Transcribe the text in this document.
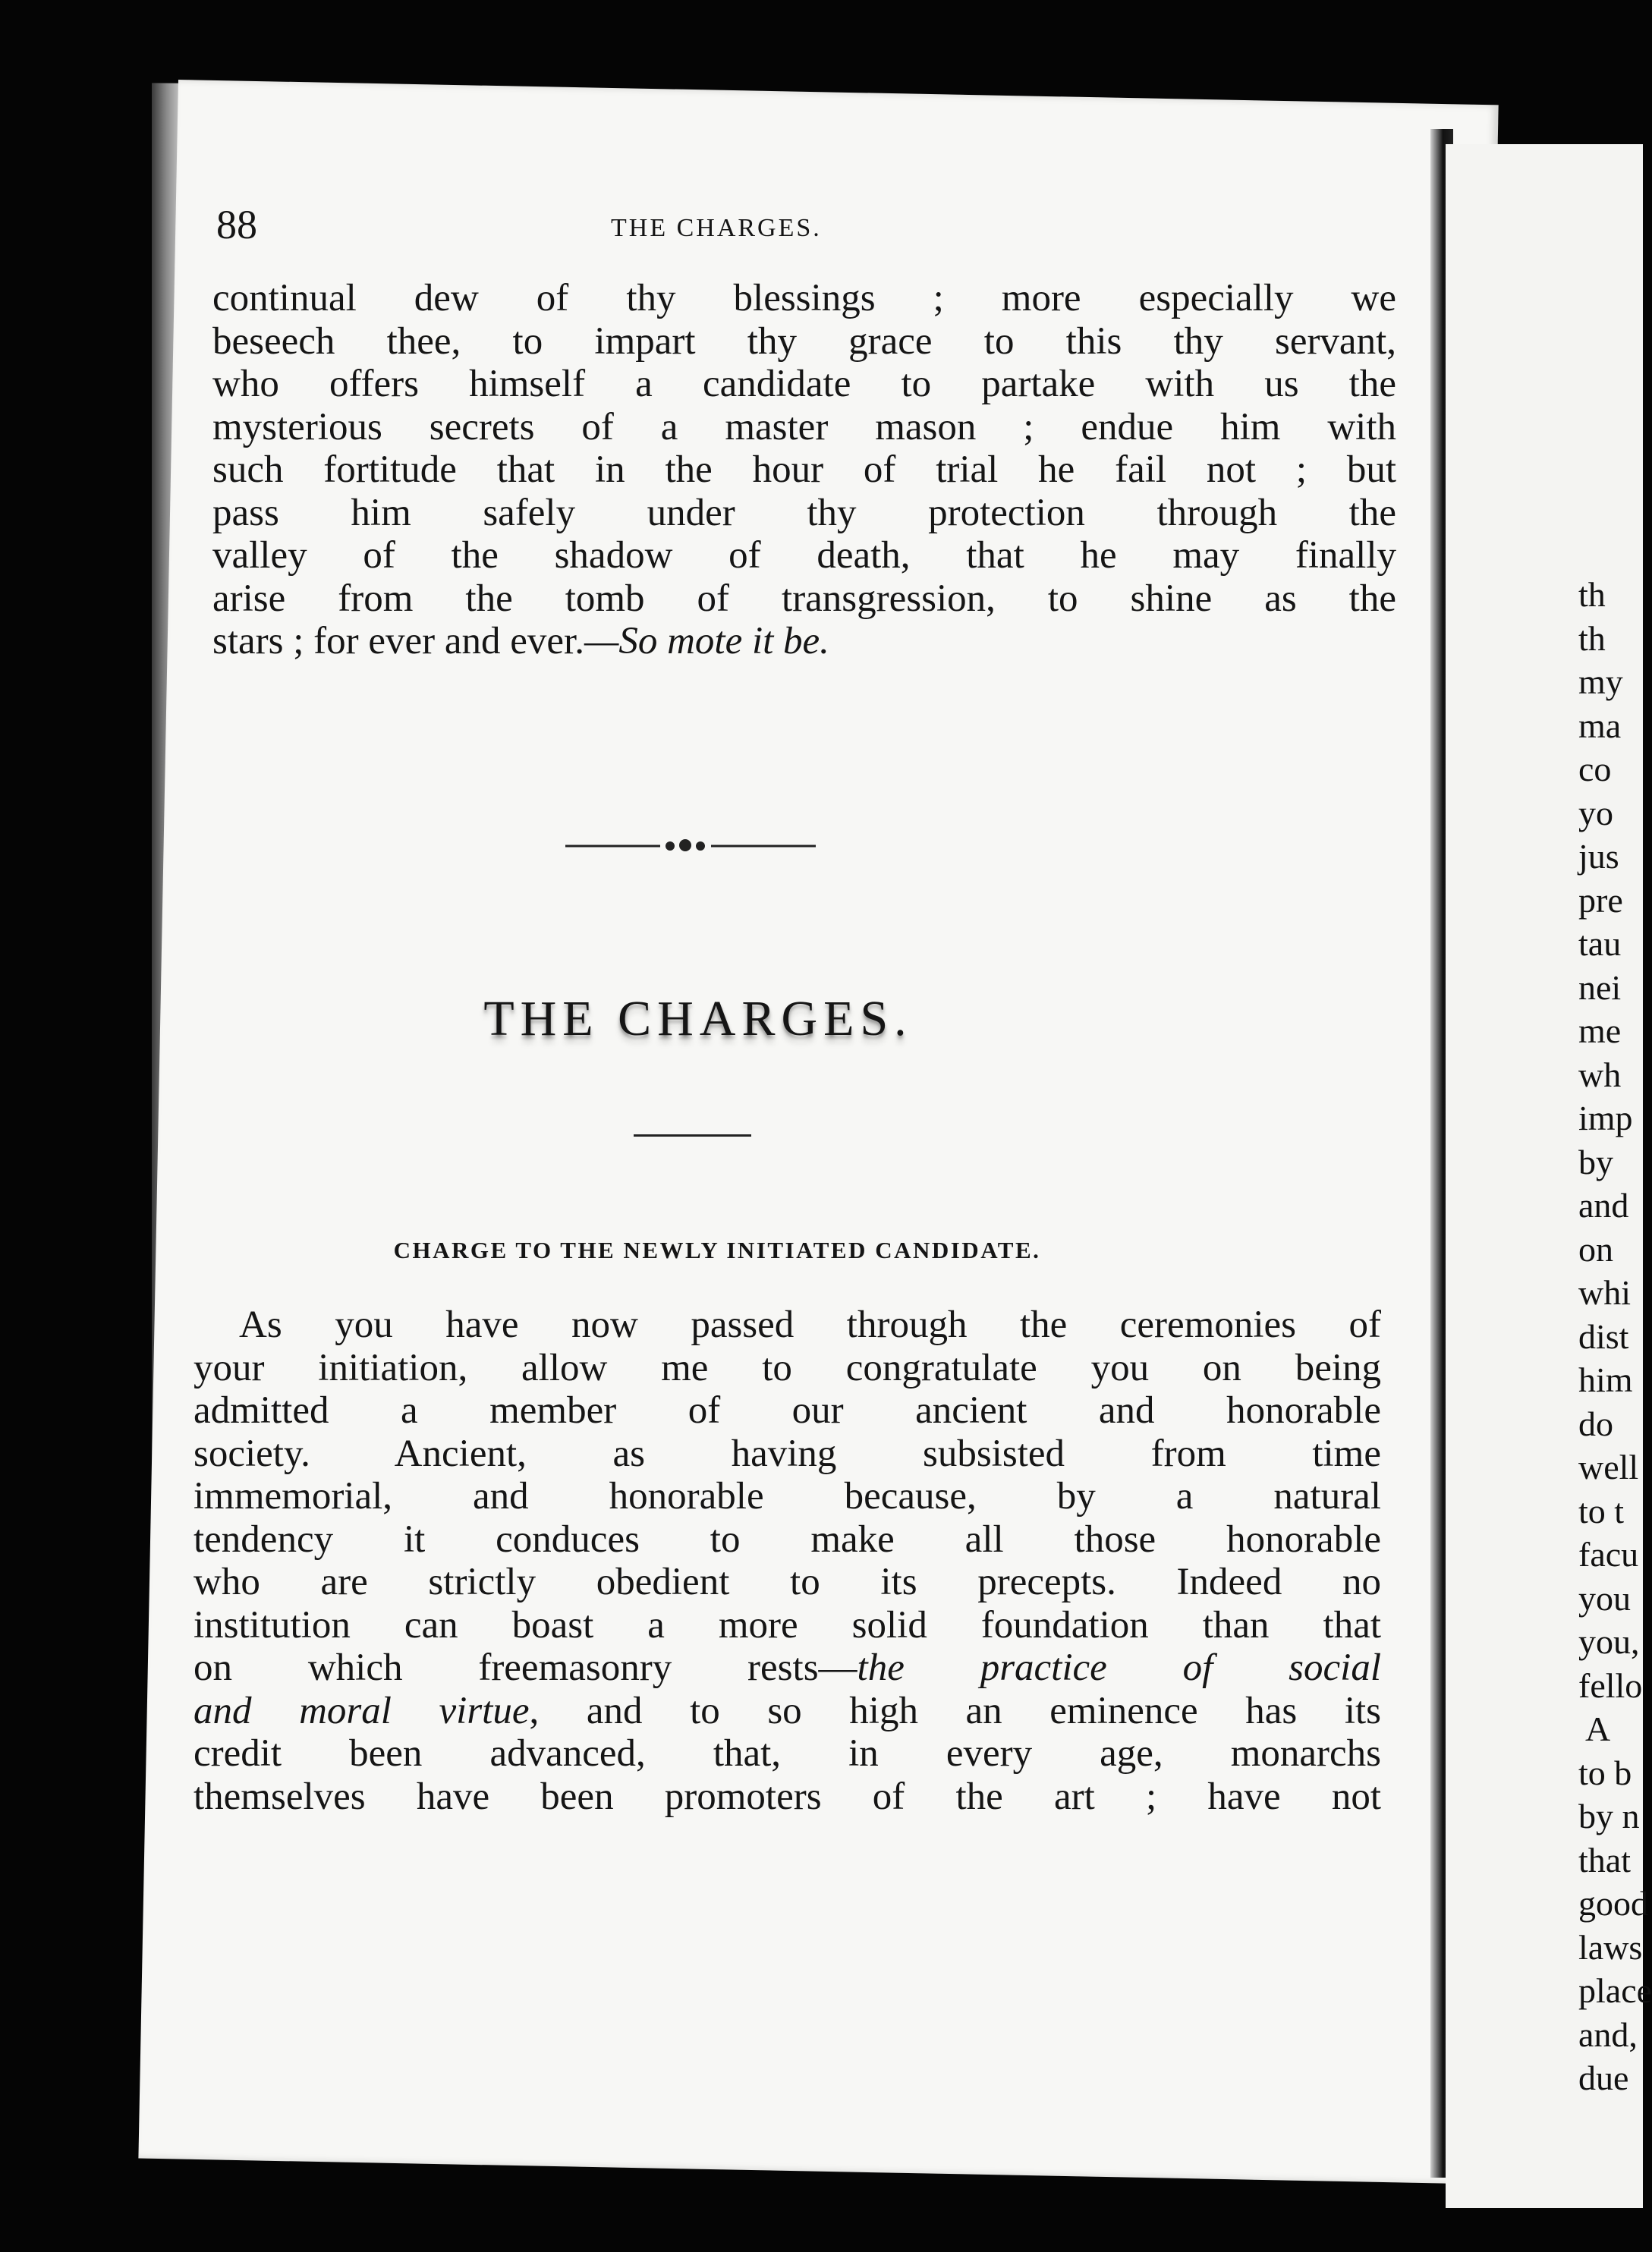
88	THE CHARGES.
continual dew of thy blessings ; more especially we
beseech thee, to impart thy grace to this thy servant,
who offers himself a candidate to partake with us the
mysterious secrets of a master mason ; endue him with
such fortitude that in the hour of trial he fail not ; but
pass him safely under thy protection through the
valley of the shadow of death, that he may finally
arise from the tomb of transgression, to shine as the
stars ; for ever and ever.—So mote it be.
THE CHARGES.
CHARGE TO THE NEWLY INITIATED CANDIDATE.
As you have now passed through the ceremonies of
your initiation, allow me to congratulate you on being
admitted a member of our ancient and honorable
society. Ancient, as having subsisted from time
immemorial, and honorable because, by a natural
tendency it conduces to make all those honorable
who are strictly obedient to its precepts. Indeed no
institution can boast a more solid foundation than that
on which freemasonry rests—the practice of social
and moral virtue, and to so high an eminence has its
credit been advanced, that, in every age, monarchs
themselves have been promoters of the art ; have not
th
th
my
ma
co
yo
jus
pre
tau
nei
me
wh
imp
by
and
on
whi
dist
him
do
well
to t
facu
you
you,
fello
A
to b
by n
that
good
laws
place
and,
due
